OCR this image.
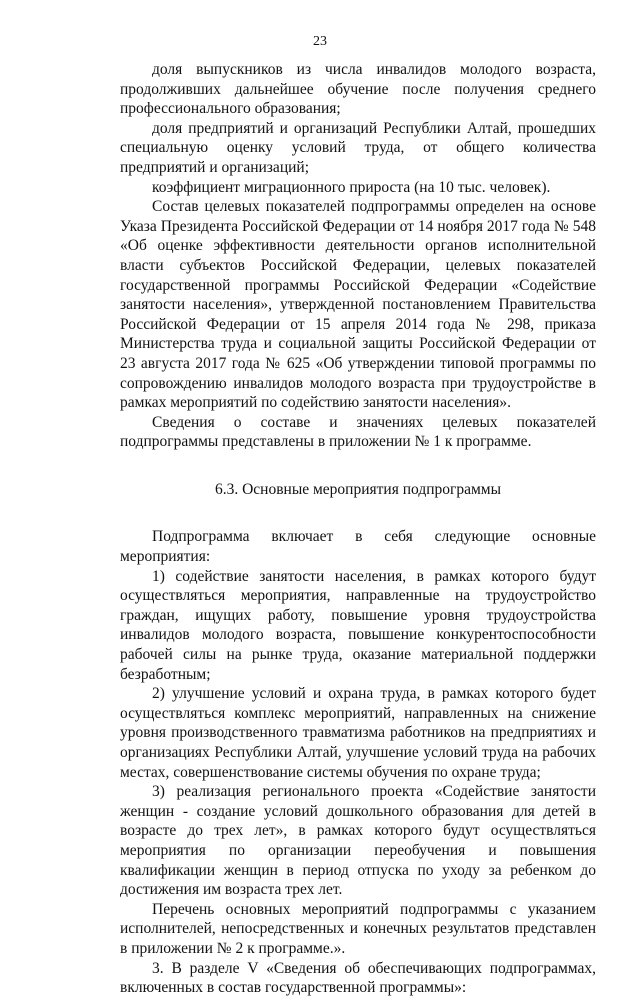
23

доля выпускников из числа инвалидов молодого возраста, продолживших дальнейшее обучение после получения среднего профессионального образования;

доля предприятий и организаций Республики Алтай, прошедших специальную оценку условий труда, от общего количества предприятий и организаций;

коэффициент миграционного прироста (на 10 тыс. человек).

Состав целевых показателей подпрограммы определен на основе Указа Президента Российской Федерации от 14 ноября 2017 года № 548 «Об оценке эффективности деятельности органов исполнительной власти субъектов Российской Федерации, целевых показателей государственной программы Российской Федерации «Содействие занятости населения», утвержденной постановлением Правительства Российской Федерации от 15 апреля 2014 года № 298, приказа Министерства труда и социальной защиты Российской Федерации от 23 августа 2017 года № 625 «Об утверждении типовой программы по сопровождению инвалидов молодого возраста при трудоустройстве в рамках мероприятий по содействию занятости населения».

Сведения о составе и значениях целевых показателей подпрограммы представлены в приложении № 1 к программе.

6.3. Основные мероприятия подпрограммы

Подпрограмма включает в себя следующие основные мероприятия:

1) содействие занятости населения, в рамках которого будут осуществляться мероприятия, направленные на трудоустройство граждан, ищущих работу, повышение уровня трудоустройства инвалидов молодого возраста, повышение конкурентоспособности рабочей силы на рынке труда, оказание материальной поддержки безработным;

2) улучшение условий и охрана труда, в рамках которого будет осуществляться комплекс мероприятий, направленных на снижение уровня производственного травматизма работников на предприятиях и организациях Республики Алтай, улучшение условий труда на рабочих местах, совершенствование системы обучения по охране труда;

3) реализация регионального проекта «Содействие занятости женщин - создание условий дошкольного образования для детей в возрасте до трех лет», в рамках которого будут осуществляться мероприятия по организации переобучения и повышения квалификации женщин в период отпуска по уходу за ребенком до достижения им возраста трех лет.

Перечень основных мероприятий подпрограммы с указанием исполнителей, непосредственных и конечных результатов представлен в приложении № 2 к программе.».

3. В разделе V «Сведения об обеспечивающих подпрограммах, включенных в состав государственной программы»:
